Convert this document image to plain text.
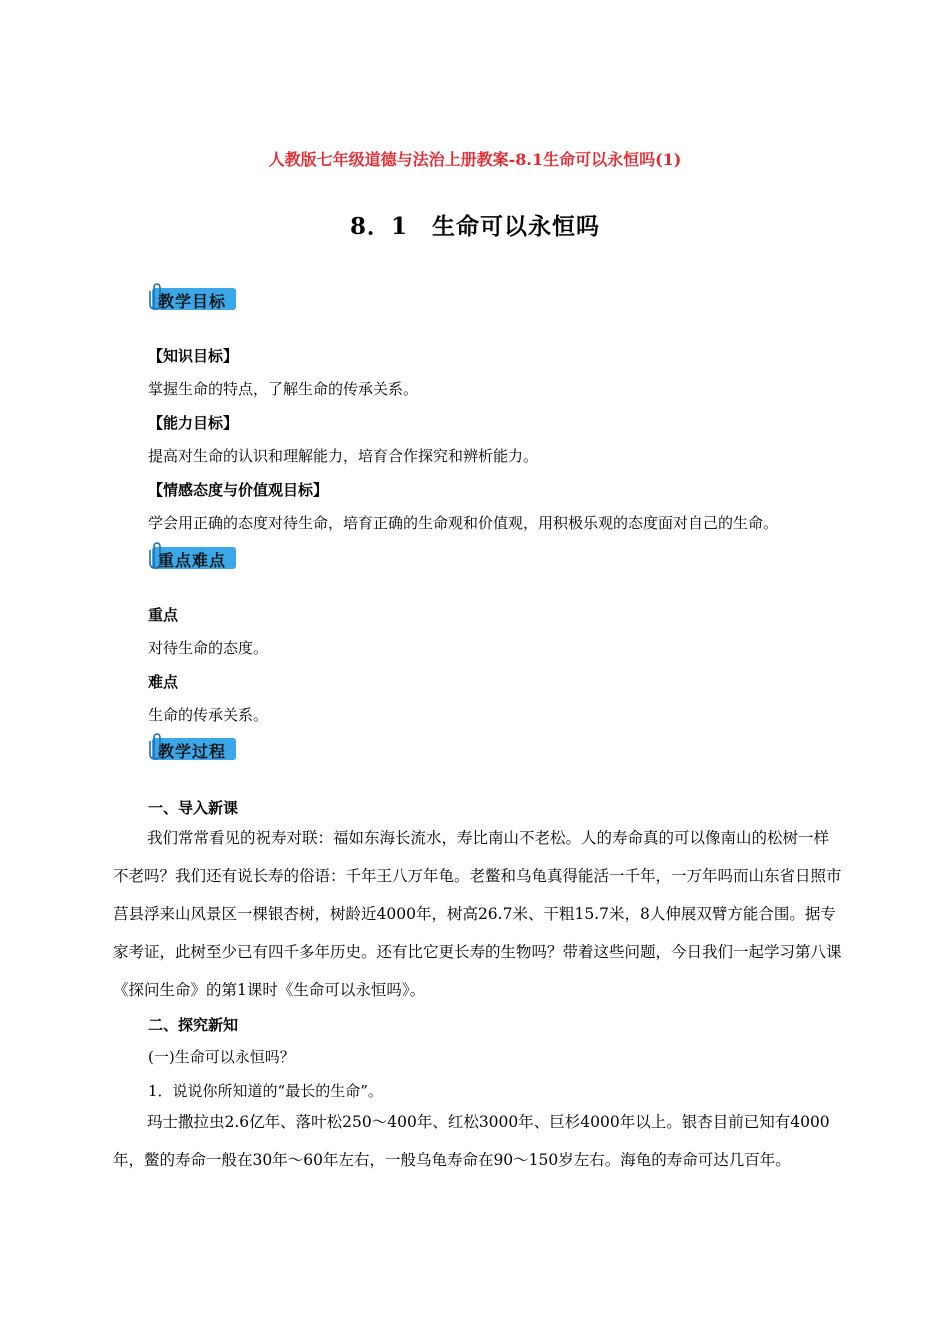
人教版七年级道德与法治上册教案-8.1生命可以永恒吗(1)
8．1　生命可以永恒吗
教学目标
【知识目标】
掌握生命的特点，了解生命的传承关系。
【能力目标】
提高对生命的认识和理解能力，培育合作探究和辨析能力。
【情感态度与价值观目标】
学会用正确的态度对待生命，培育正确的生命观和价值观，用积极乐观的态度面对自己的生命。
重点难点
重点
对待生命的态度。
难点
生命的传承关系。
教学过程
一、导入新课
我们常常看见的祝寿对联：福如东海长流水，寿比南山不老松。人的寿命真的可以像南山的松树一样不老吗？我们还有说长寿的俗语：千年王八万年龟。老鳖和乌龟真得能活一千年，一万年吗而山东省日照市莒县浮来山风景区一棵银杏树，树龄近4000年，树高26.7米、干粗15.7米，8人伸展双臂方能合围。据专家考证，此树至少已有四千多年历史。还有比它更长寿的生物吗？带着这些问题，今日我们一起学习第八课《探问生命》的第1课时《生命可以永恒吗》。
二、探究新知
(一)生命可以永恒吗？
1．说说你所知道的“最长的生命”。
玛士撒拉虫2.6亿年、落叶松250～400年、红松3000年、巨杉4000年以上。银杏目前已知有4000年，鳖的寿命一般在30年～60年左右，一般乌龟寿命在90～150岁左右。海龟的寿命可达几百年。
